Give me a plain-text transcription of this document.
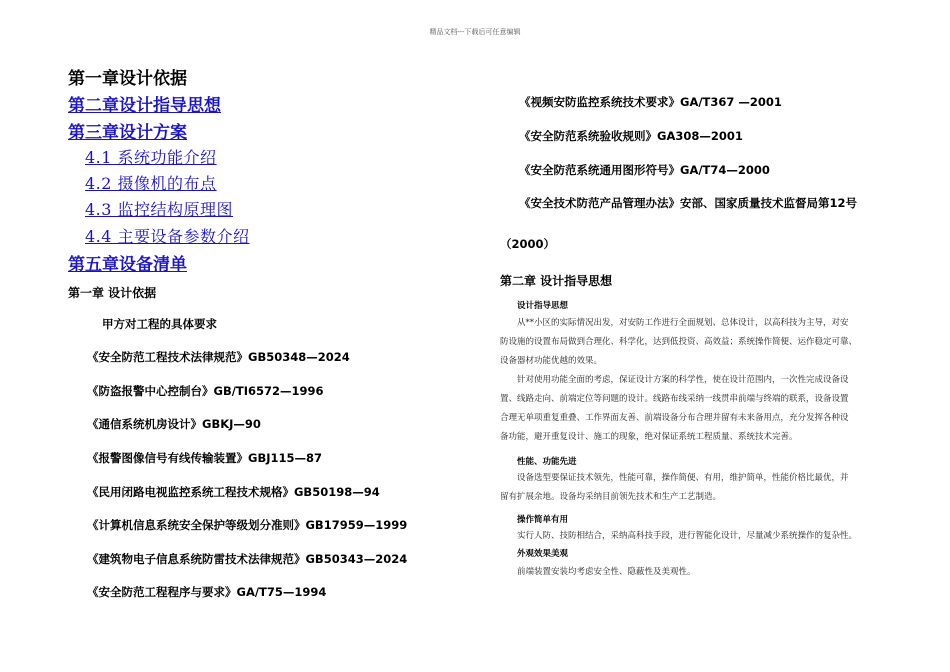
精品文档---下载后可任意编辑
第一章设计依据
第二章设计指导思想
第三章设计方案
4.1 系统功能介绍
4.2 摄像机的布点
4.3 监控结构原理图
4.4 主要设备参数介绍
第五章设备清单
第一章 设计依据
甲方对工程的具体要求
《安全防范工程技术法律规范》GB50348—2024
《防盗报警中心控制台》GB/TI6572—1996
《通信系统机房设计》GBKJ—90
《报警图像信号有线传输装置》GBJ115—87
《民用闭路电视监控系统工程技术规格》GB50198—94
《计算机信息系统安全保护等级划分准则》GB17959—1999
《建筑物电子信息系统防雷技术法律规范》GB50343—2024
《安全防范工程程序与要求》GA/T75—1994
《视频安防监控系统技术要求》GA/T367 —2001
《安全防范系统验收规则》GA308—2001
《安全防范系统通用图形符号》GA/T74—2000
《安全技术防范产品管理办法》安部、国家质量技术监督局第12号
（2000）
第二章 设计指导思想
设计指导思想
从**小区的实际情况出发，对安防工作进行全面规划、总体设计，以高科技为主导，对安
防设施的设置布局做到合理化、科学化，达到低投资、高效益；系统操作简便、运作稳定可靠、
设备器材功能优越的效果。
针对使用功能全面的考虑，保证设计方案的科学性，使在设计范围内，一次性完成设备设
置、线路走向、前端定位等问题的设计。线路布线采纳一线贯串前端与终端的联系，设备设置
合理无单项重复重叠、工作界面友善、前端设备分布合理并留有未来备用点，充分发挥各种设
备功能，避开重复设计、施工的现象，绝对保证系统工程质量、系统技术完善。
性能、功能先进
设备选型要保证技术领先，性能可靠，操作简便、有用，维护简单，性能价格比最优，并
留有扩展余地。设备均采纳目前领先技术和生产工艺制造。
操作简单有用
实行人防、技防相结合，采纳高科技手段，进行智能化设计，尽量减少系统操作的复杂性。
外观效果美观
前端装置安装均考虑安全性、隐蔽性及美观性。
